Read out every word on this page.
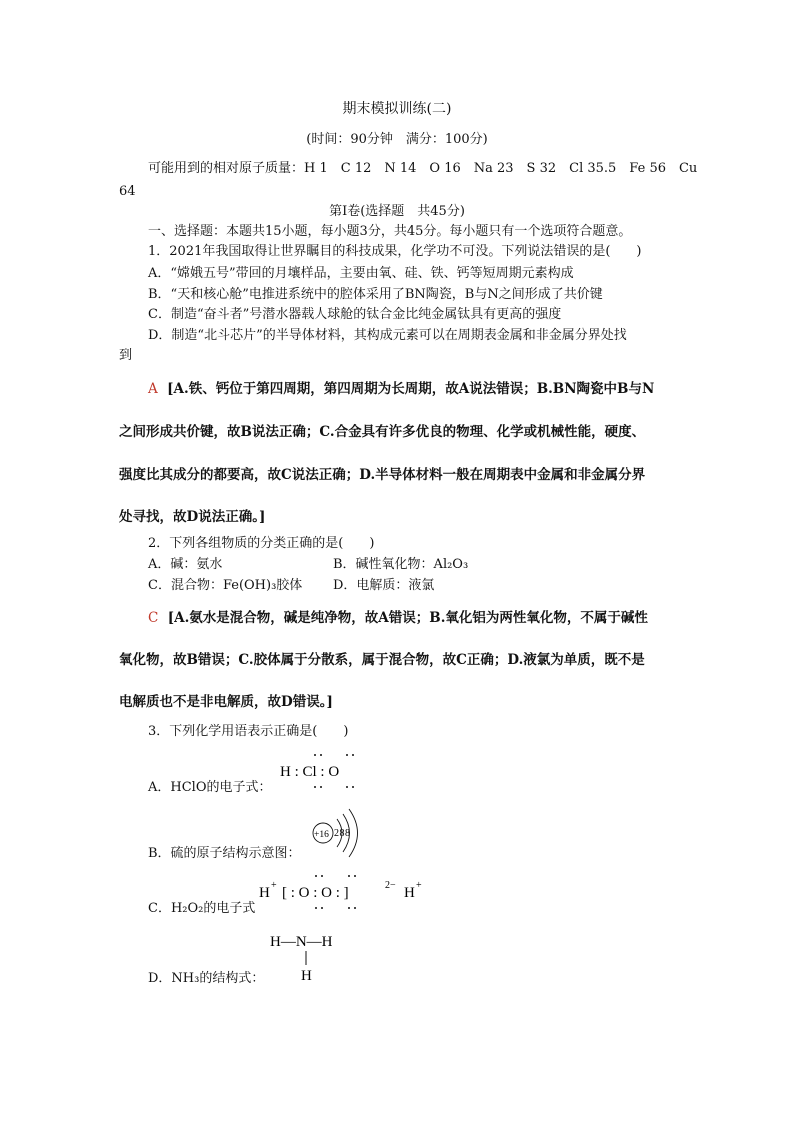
期末模拟训练(二)
(时间：90分钟　满分：100分)
可能用到的相对原子质量：H 1　C 12　N 14　O 16　Na 23　S 32　Cl 35.5　Fe 56　Cu
64
第Ⅰ卷(选择题　共45分)
一、选择题：本题共15小题，每小题3分，共45分。每小题只有一个选项符合题意。
1．2021年我国取得让世界瞩目的科技成果，化学功不可没。下列说法错误的是(　　)
A．“嫦娥五号”带回的月壤样品，主要由氧、硅、铁、钙等短周期元素构成
B．“天和核心舱”电推进系统中的腔体采用了BN陶瓷，B与N之间形成了共价键
C．制造“奋斗者”号潜水器载人球舱的钛合金比纯金属钛具有更高的强度
D．制造“北斗芯片”的半导体材料，其构成元素可以在周期表金属和非金属分界处找
到
A [A.铁、钙位于第四周期，第四周期为长周期，故A说法错误；B.BN陶瓷中B与N
之间形成共价键，故B说法正确；C.合金具有许多优良的物理、化学或机械性能，硬度、
强度比其成分的都要高，故C说法正确；D.半导体材料一般在周期表中金属和非金属分界
处寻找，故D说法正确。]
2．下列各组物质的分类正确的是(　　)
A．碱：氨水	B．碱性氧化物：Al₂O₃
C．混合物：Fe(OH)₃胶体 D．电解质：液氯
C [A.氨水是混合物，碱是纯净物，故A错误；B.氧化铝为两性氧化物，不属于碱性
氧化物，故B错误；C.胶体属于分散系，属于混合物，故C正确；D.液氯为单质，既不是
电解质也不是非电解质，故D错误。]
3．下列化学用语表示正确是(　　)
A．HClO的电子式：
H : Cl : O
B．硫的原子结构示意图：
+16 288
C．H₂O₂的电子式
H + [ : O : O : ]	2− H +
D．NH₃的结构式：
H—N—H
H
